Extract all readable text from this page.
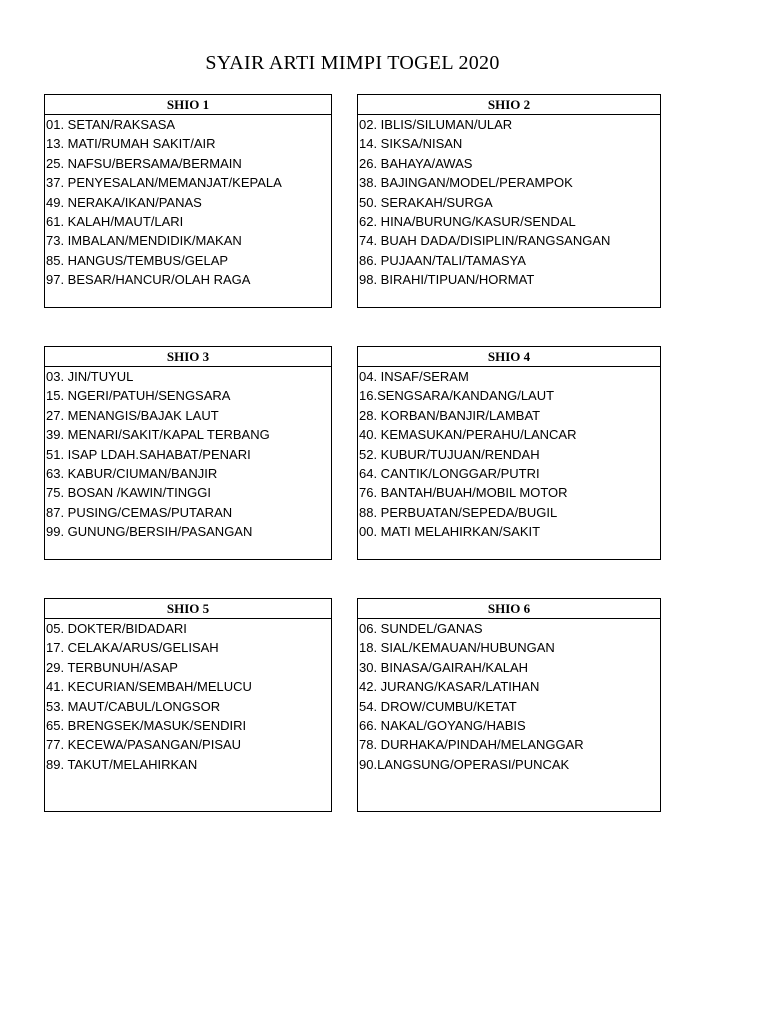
SYAIR ARTI MIMPI TOGEL 2020
SHIO 1
01. SETAN/RAKSASA
13. MATI/RUMAH SAKIT/AIR
25. NAFSU/BERSAMA/BERMAIN
37. PENYESALAN/MEMANJAT/KEPALA
49. NERAKA/IKAN/PANAS
61. KALAH/MAUT/LARI
73. IMBALAN/MENDIDIK/MAKAN
85. HANGUS/TEMBUS/GELAP
97. BESAR/HANCUR/OLAH RAGA
SHIO 2
02. IBLIS/SILUMAN/ULAR
14. SIKSA/NISAN
26. BAHAYA/AWAS
38. BAJINGAN/MODEL/PERAMPOK
50. SERAKAH/SURGA
62. HINA/BURUNG/KASUR/SENDAL
74. BUAH DADA/DISIPLIN/RANGSANGAN
86. PUJAAN/TALI/TAMASYA
98. BIRAHI/TIPUAN/HORMAT
SHIO 3
03. JIN/TUYUL
15. NGERI/PATUH/SENGSARA
27. MENANGIS/BAJAK LAUT
39. MENARI/SAKIT/KAPAL TERBANG
51. ISAP LDAH.SAHABAT/PENARI
63. KABUR/CIUMAN/BANJIR
75. BOSAN /KAWIN/TINGGI
87. PUSING/CEMAS/PUTARAN
99. GUNUNG/BERSIH/PASANGAN
SHIO 4
04. INSAF/SERAM
16.SENGSARA/KANDANG/LAUT
28. KORBAN/BANJIR/LAMBAT
40. KEMASUKAN/PERAHU/LANCAR
52. KUBUR/TUJUAN/RENDAH
64. CANTIK/LONGGAR/PUTRI
76. BANTAH/BUAH/MOBIL MOTOR
88. PERBUATAN/SEPEDA/BUGIL
00. MATI MELAHIRKAN/SAKIT
SHIO 5
05. DOKTER/BIDADARI
17. CELAKA/ARUS/GELISAH
29. TERBUNUH/ASAP
41. KECURIAN/SEMBAH/MELUCU
53. MAUT/CABUL/LONGSOR
65. BRENGSEK/MASUK/SENDIRI
77. KECEWA/PASANGAN/PISAU
89. TAKUT/MELAHIRKAN
SHIO 6
06. SUNDEL/GANAS
18. SIAL/KEMAUAN/HUBUNGAN
30. BINASA/GAIRAH/KALAH
42. JURANG/KASAR/LATIHAN
54. DROW/CUMBU/KETAT
66. NAKAL/GOYANG/HABIS
78. DURHAKA/PINDAH/MELANGGAR
90.LANGSUNG/OPERASI/PUNCAK
